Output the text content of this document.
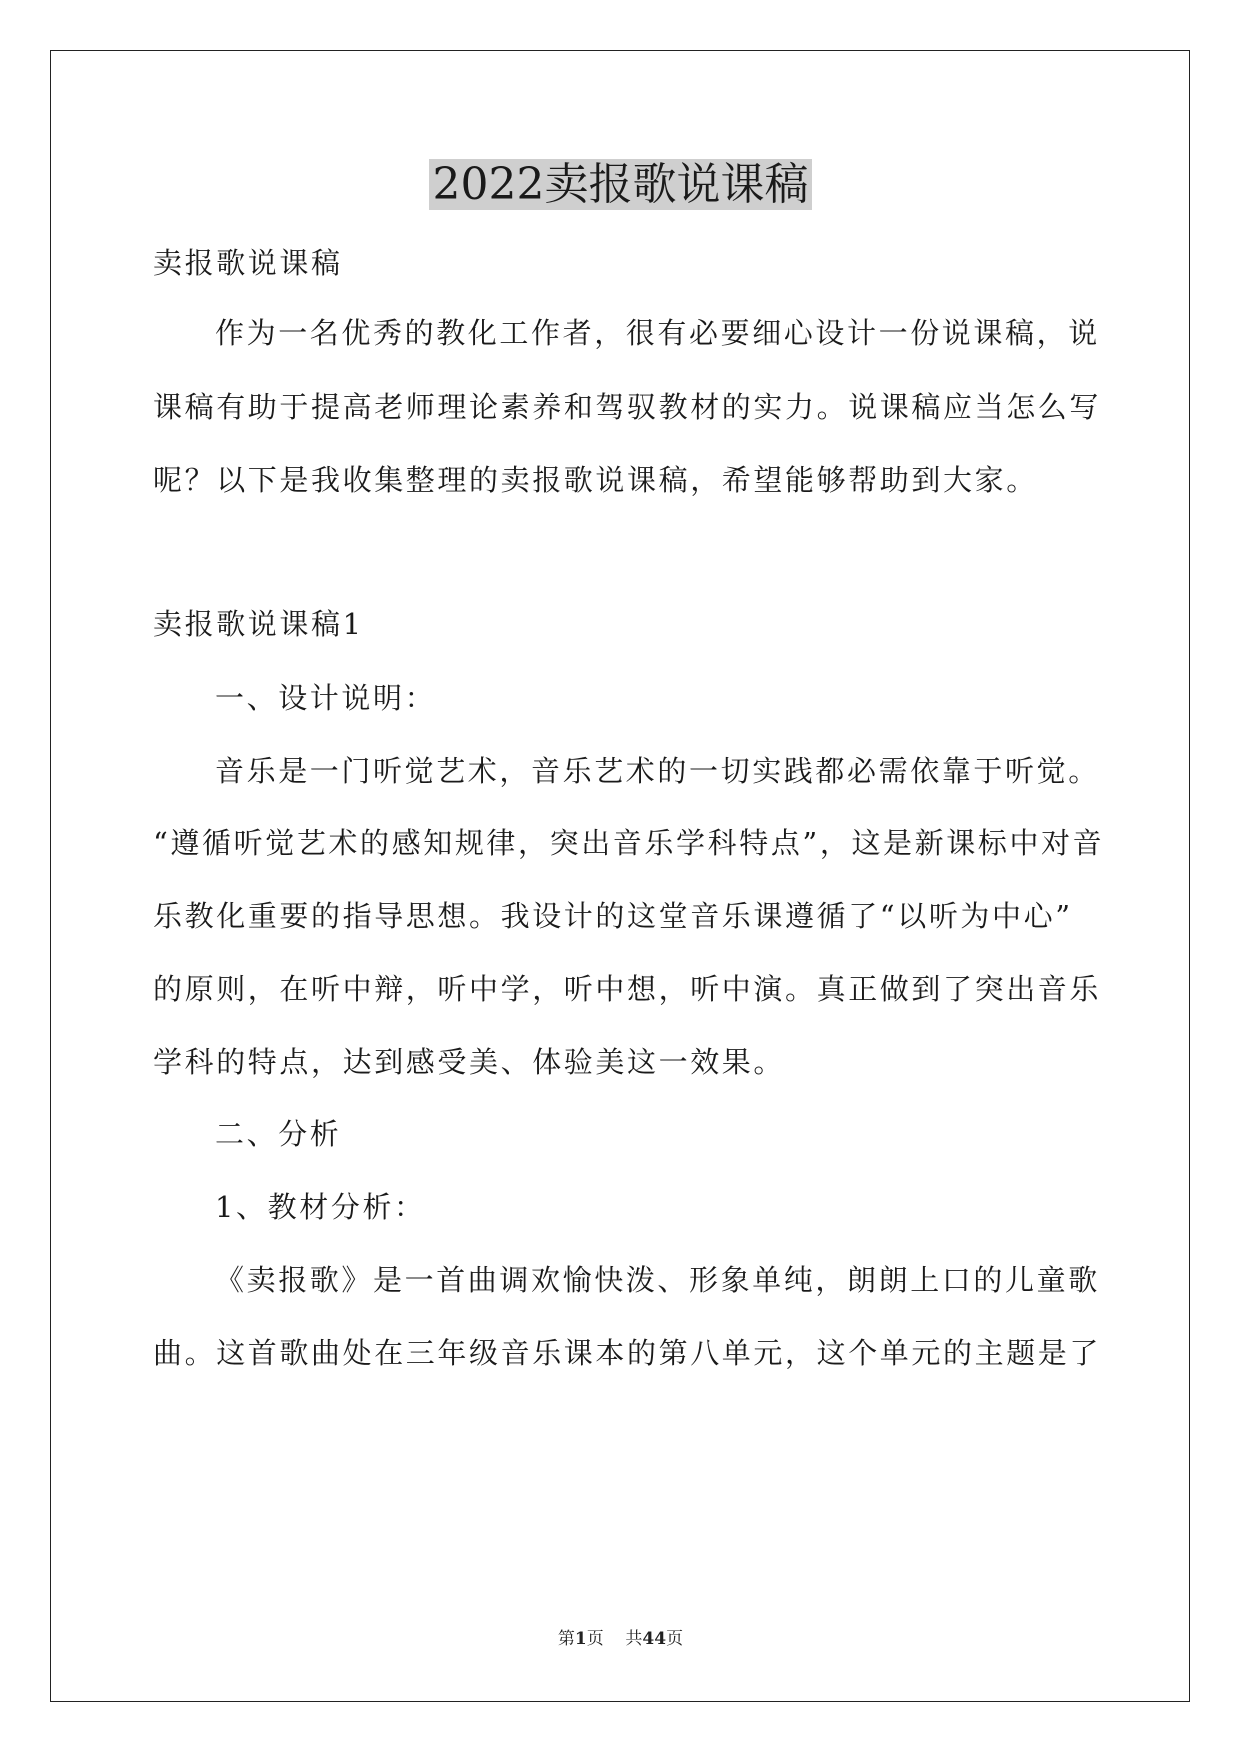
2022卖报歌说课稿
卖报歌说课稿
作为一名优秀的教化工作者，很有必要细心设计一份说课稿，说
课稿有助于提高老师理论素养和驾驭教材的实力。说课稿应当怎么写
呢？以下是我收集整理的卖报歌说课稿，希望能够帮助到大家。
卖报歌说课稿1
一、设计说明：
音乐是一门听觉艺术，音乐艺术的一切实践都必需依靠于听觉。
“遵循听觉艺术的感知规律，突出音乐学科特点”，这是新课标中对音
乐教化重要的指导思想。我设计的这堂音乐课遵循了“以听为中心”
的原则，在听中辩，听中学，听中想，听中演。真正做到了突出音乐
学科的特点，达到感受美、体验美这一效果。
二、分析
1、教材分析：
《卖报歌》是一首曲调欢愉快泼、形象单纯，朗朗上口的儿童歌
曲。这首歌曲处在三年级音乐课本的第八单元，这个单元的主题是了
第1页 共44页
